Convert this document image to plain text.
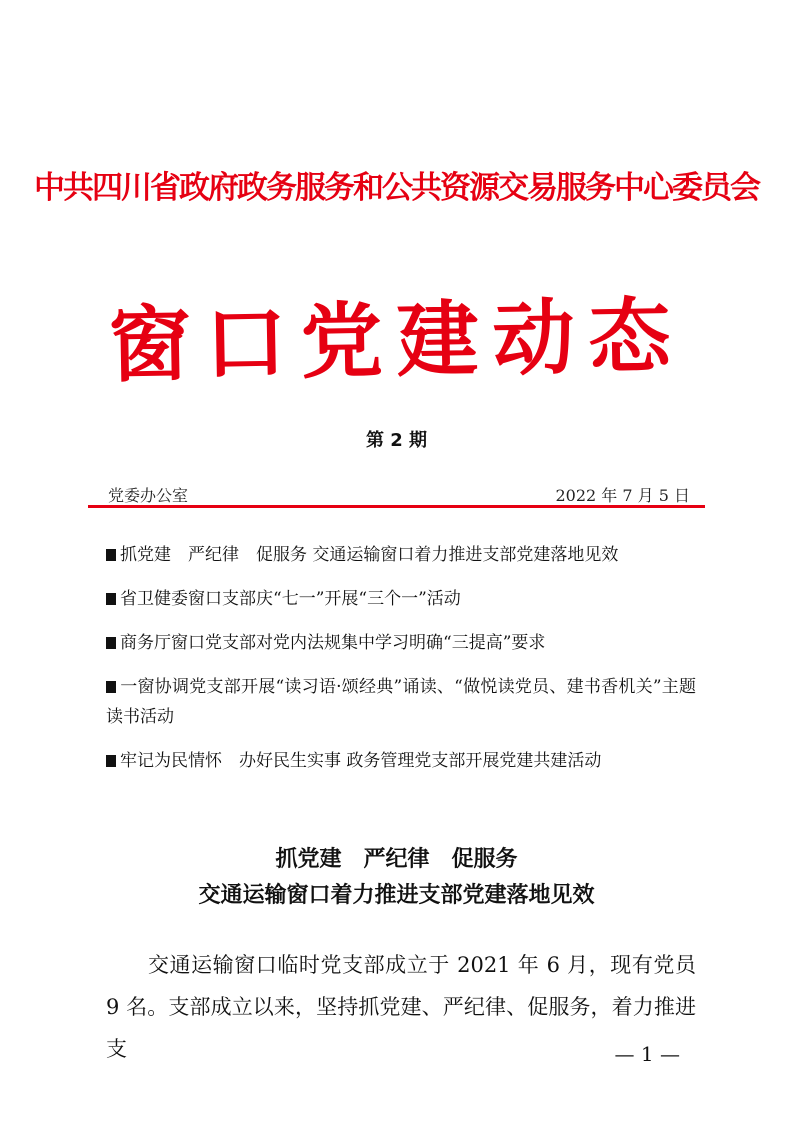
中共四川省政府政务服务和公共资源交易服务中心委员会
窗口党建动态
第 2 期
党委办公室	2022 年 7 月 5 日
抓党建　严纪律　促服务 交通运输窗口着力推进支部党建落地见效
省卫健委窗口支部庆“七一”开展“三个一”活动
商务厅窗口党支部对党内法规集中学习明确“三提高”要求
一窗协调党支部开展“读习语·颂经典”诵读、“做悦读党员、建书香机关”主题读书活动
牢记为民情怀　办好民生实事 政务管理党支部开展党建共建活动
抓党建　严纪律　促服务
交通运输窗口着力推进支部党建落地见效
交通运输窗口临时党支部成立于 2021 年 6 月，现有党员 9 名。支部成立以来，坚持抓党建、严纪律、促服务，着力推进支	— 1 —
